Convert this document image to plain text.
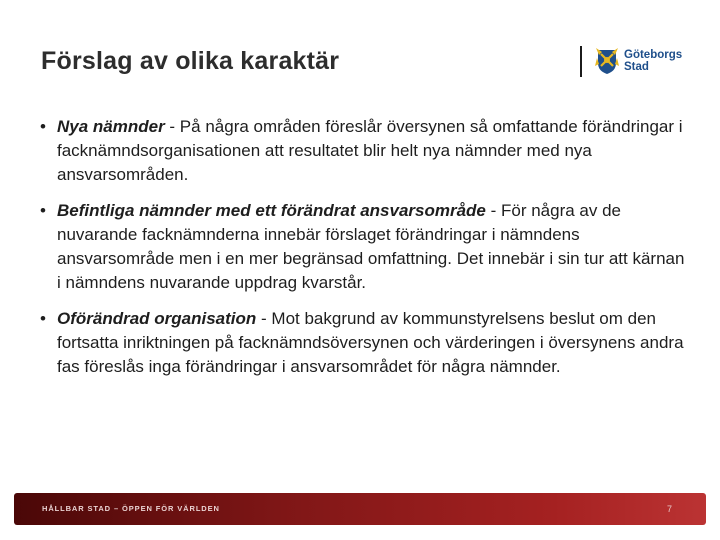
Förslag av olika karaktär	Göteborgs
Stad
• Nya nämnder - På några områden föreslår översynen så omfattande förändringar i facknämndsorganisationen att resultatet blir helt nya nämnder med nya ansvarsområden.
• Befintliga nämnder med ett förändrat ansvarsområde - För några av de nuvarande facknämnderna innebär förslaget förändringar i nämndens ansvarsområde men i en mer begränsad omfattning. Det innebär i sin tur att kärnan i nämndens nuvarande uppdrag kvarstår.
• Oförändrad organisation - Mot bakgrund av kommunstyrelsens beslut om den fortsatta inriktningen på facknämndsöversynen och värderingen i översynens andra fas föreslås inga förändringar i ansvarsområdet för några nämnder.
HÅLLBAR STAD – ÖPPEN FÖR VÄRLDEN	7
